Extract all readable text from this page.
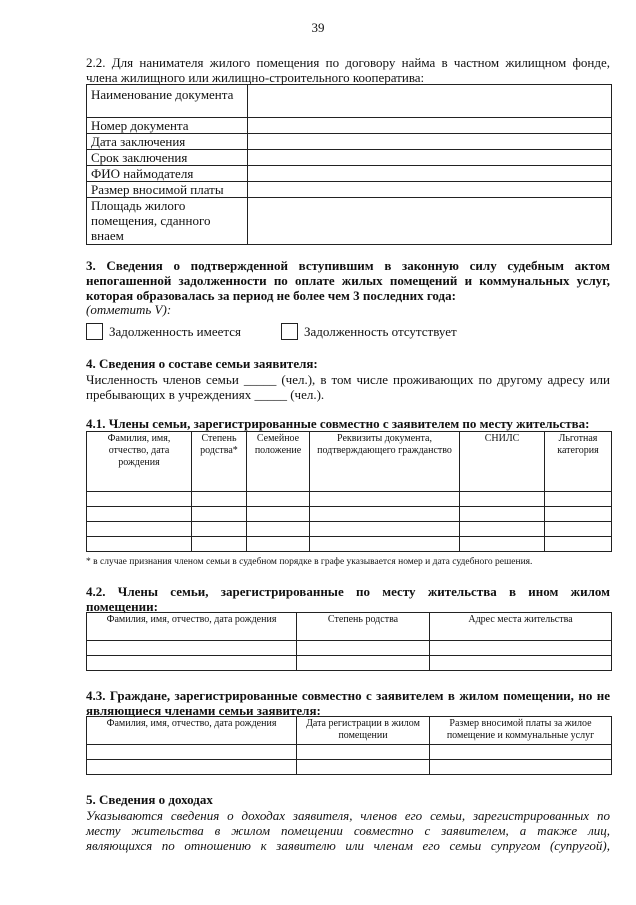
39
2.2. Для нанимателя жилого помещения по договору найма в частном жилищном фонде,
члена жилищного или жилищно-строительного кооператива:
Наименование документа	
Номер документа	
Дата заключения	
Срок заключения	
ФИО наймодателя	
Размер вносимой платы	
Площадь жилого помещения, сданного внаем	
3. Сведения о подтвержденной вступившим в законную силу судебным актом
непогашенной задолженности по оплате жилых помещений и коммунальных услуг,
которая образовалась за период не более чем 3 последних года:
(отметить V):
Задолженность имеется	Задолженность отсутствует
4. Сведения о составе семьи заявителя:
Численность членов семьи _____ (чел.), в том числе проживающих по другому адресу или
пребывающих в учреждениях _____ (чел.).
4.1. Члены семьи, зарегистрированные совместно с заявителем по месту жительства:
Фамилия, имя, отчество, дата рождения	Степень родства*	Семейное положение	Реквизиты документа, подтверждающего гражданство	СНИЛС	Льготная категория

* в случае признания членом семьи в судебном порядке в графе указывается номер и дата судебного решения.
4.2. Члены семьи, зарегистрированные по месту жительства в ином жилом
помещении:
Фамилия, имя, отчество, дата рождения	Степень родства	Адрес места жительства

4.3. Граждане, зарегистрированные совместно с заявителем в жилом помещении, но не
являющиеся членами семьи заявителя:
Фамилия, имя, отчество, дата рождения	Дата регистрации в жилом помещении	Размер вносимой платы за жилое помещение и коммунальные услуг

5. Сведения о доходах
Указываются сведения о доходах заявителя, членов его семьи, зарегистрированных по
месту жительства в жилом помещении совместно с заявителем, а также лиц,
являющихся по отношению к заявителю или членам его семьи супругом (супругой),
